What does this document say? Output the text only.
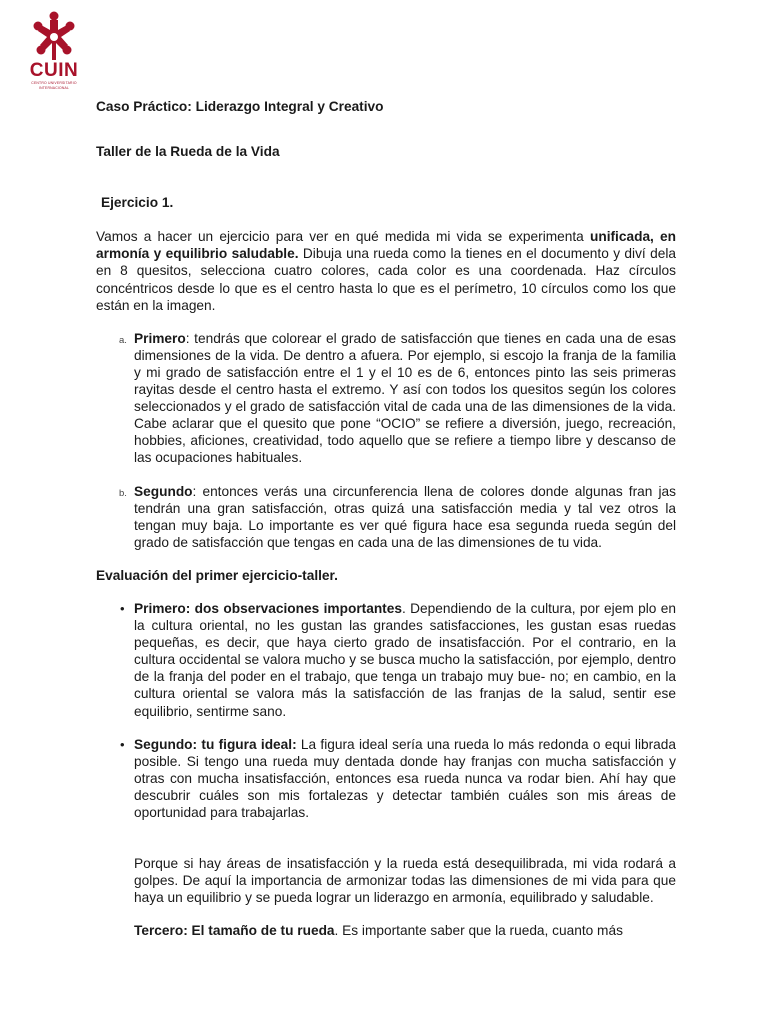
CUIN
CENTRO UNIVERSITARIO
INTERNACIONAL

Caso Práctico: Liderazgo Integral y Creativo

Taller de la Rueda de la Vida

Ejercicio 1.

Vamos a hacer un ejercicio para ver en qué medida mi vida se experimenta unificada, en armonía y equilibrio saludable. Dibuja una rueda como la tienes en el documento y diví dela en 8 quesitos, selecciona cuatro colores, cada color es una coordenada. Haz círculos concéntricos desde lo que es el centro hasta lo que es el perímetro, 10 círculos como los que están en la imagen.

a. Primero: tendrás que colorear el grado de satisfacción que tienes en cada una de esas dimensiones de la vida. De dentro a afuera. Por ejemplo, si escojo la franja de la familia y mi grado de satisfacción entre el 1 y el 10 es de 6, entonces pinto las seis primeras rayitas desde el centro hasta el extremo. Y así con todos los quesitos según los colores seleccionados y el grado de satisfacción vital de cada una de las dimensiones de la vida. Cabe aclarar que el quesito que pone “OCIO” se refiere a diversión, juego, recreación, hobbies, aficiones, creatividad, todo aquello que se refiere a tiempo libre y descanso de las ocupaciones habituales.
b. Segundo: entonces verás una circunferencia llena de colores donde algunas fran jas tendrán una gran satisfacción, otras quizá una satisfacción media y tal vez otros la tengan muy baja. Lo importante es ver qué figura hace esa segunda rueda según del grado de satisfacción que tengas en cada una de las dimensiones de tu vida.

Evaluación del primer ejercicio-taller.

• Primero: dos observaciones importantes. Dependiendo de la cultura, por ejem plo en la cultura oriental, no les gustan las grandes satisfacciones, les gustan esas ruedas pequeñas, es decir, que haya cierto grado de insatisfacción. Por el contrario, en la cultura occidental se valora mucho y se busca mucho la satisfacción, por ejemplo, dentro de la franja del poder en el trabajo, que tenga un trabajo muy bue- no; en cambio, en la cultura oriental se valora más la satisfacción de las franjas de la salud, sentir ese equilibrio, sentirme sano.
• Segundo: tu figura ideal: La figura ideal sería una rueda lo más redonda o equi librada posible. Si tengo una rueda muy dentada donde hay franjas con mucha satisfacción y otras con mucha insatisfacción, entonces esa rueda nunca va rodar bien. Ahí hay que descubrir cuáles son mis fortalezas y detectar también cuáles son mis áreas de oportunidad para trabajarlas.

Porque si hay áreas de insatisfacción y la rueda está desequilibrada, mi vida rodará a golpes. De aquí la importancia de armonizar todas las dimensiones de mi vida para que haya un equilibrio y se pueda lograr un liderazgo en armonía, equilibrado y saludable.

Tercero: El tamaño de tu rueda. Es importante saber que la rueda, cuanto más
